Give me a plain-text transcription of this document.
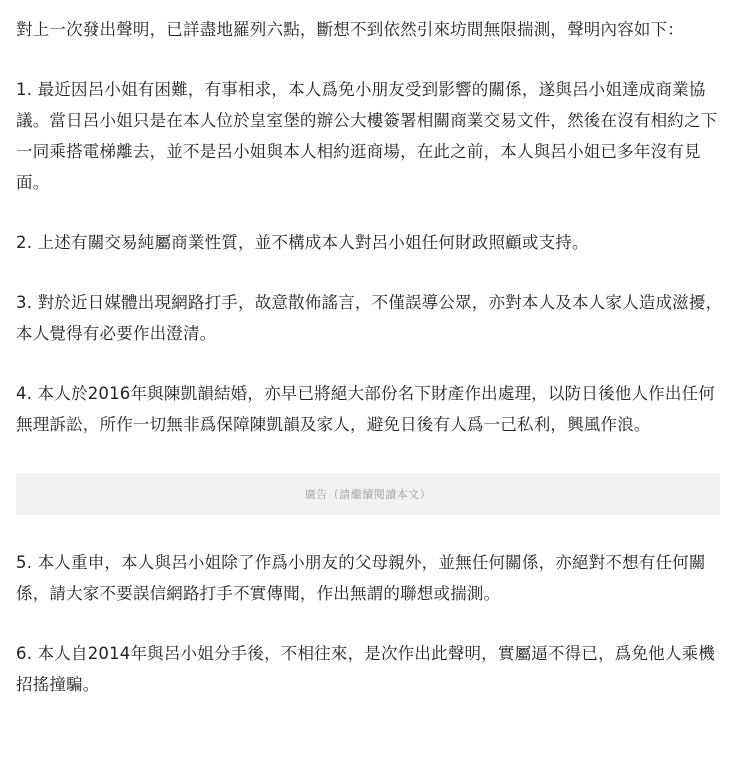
對上一次發出聲明，已詳盡地羅列六點，斷想不到依然引來坊間無限揣測，聲明內容如下：

1. 最近因呂小姐有困難，有事相求，本人爲免小朋友受到影響的關係，遂與呂小姐達成商業協議。當日呂小姐只是在本人位於皇室堡的辦公大樓簽署相關商業交易文件，然後在沒有相約之下一同乘搭電梯離去，並不是呂小姐與本人相約逛商場，在此之前，本人與呂小姐已多年沒有見面。

2. 上述有關交易純屬商業性質，並不構成本人對呂小姐任何財政照顧或支持。

3. 對於近日媒體出現網路打手，故意散佈謠言，不僅誤導公眾，亦對本人及本人家人造成滋擾，本人覺得有必要作出澄清。

4. 本人於2016年與陳凱韻結婚，亦早已將絕大部份名下財產作出處理，以防日後他人作出任何無理訴訟，所作一切無非爲保障陳凱韻及家人，避免日後有人爲一己私利，興風作浪。

廣告（請繼續閱讀本文）

5. 本人重申，本人與呂小姐除了作爲小朋友的父母親外，並無任何關係，亦絕對不想有任何關係，請大家不要誤信網路打手不實傳聞，作出無謂的聯想或揣測。

6. 本人自2014年與呂小姐分手後，不相往來，是次作出此聲明，實屬逼不得已，爲免他人乘機招搖撞騙。
